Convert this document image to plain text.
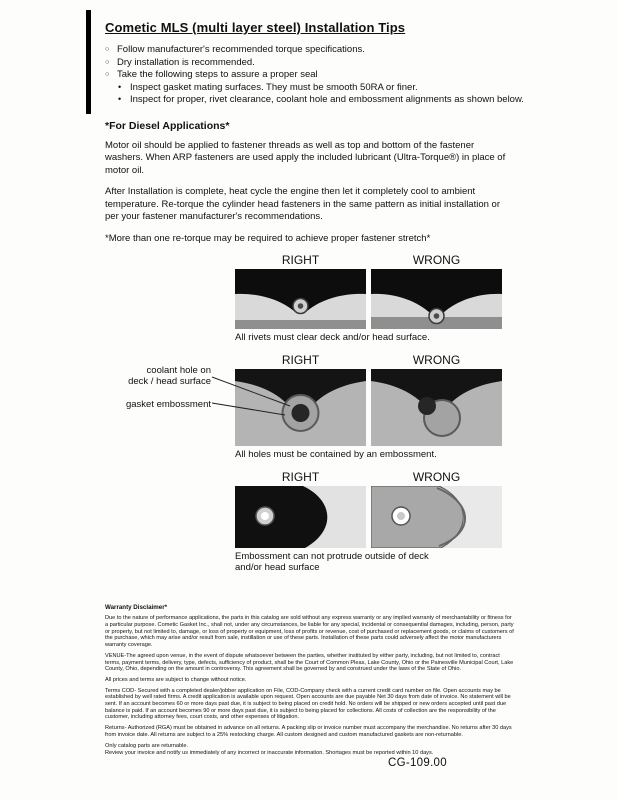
Cometic MLS (multi layer steel) Installation Tips
○
Follow manufacturer's recommended torque specifications.
○
Dry installation is recommended.
○
Take the following steps to assure a proper seal
•
Inspect gasket mating surfaces. They must be smooth 50RA or finer.
•
Inspect for proper, rivet clearance, coolant hole and embossment alignments as shown below.
*For Diesel Applications*

Motor oil should be applied to fastener threads as well as top and bottom of the fastener washers. When ARP fasteners are used apply the included lubricant (Ultra-Torque®) in place of motor oil.

After Installation is complete, heat cycle the engine then let it completely cool to ambient temperature. Re-torque the cylinder head fasteners in the same pattern as initial installation or per your fastener manufacturer's recommendations.

*More than one re-torque may be required to achieve proper fastener stretch*

RIGHT	WRONG
All rivets must clear deck and/or head surface.
coolant hole on
deck / head surface
gasket embossment
RIGHT	WRONG
All holes must be contained by an embossment.
RIGHT	WRONG
Embossment can not protrude outside of deck and/or head surface
Warranty Disclaimer*

Due to the nature of performance applications, the parts in this catalog are sold without any express warranty or any implied warranty of merchantability or fitness for a particular purpose. Cometic Gasket Inc., shall not, under any circumstances, be liable for any special, incidental or consequential damages, including, person, party or property, but not limited to, damage, or loss of property or equipment, loss of profits or revenue, cost of purchased or replacement goods, or claims of customers of the purchase, which may arise and/or result from sale, instillation or use of these parts. Installation of these parts could adversely affect the motor manufacturers warranty coverage.

VENUE-The agreed upon venue, in the event of dispute whatsoever between the parties, whether instituted by either party, including, but not limited to, contract terms, payment terms, delivery, type, defects, sufficiency of product, shall be the Court of Common Pleas, Lake County, Ohio or the Painesville Municipal Court, Lake County, Ohio, depending on the amount in controversy. This agreement shall be governed by and construed under the laws of the State of Ohio.

All prices and terms are subject to change without notice.

Terms COD- Secured with a completed dealer/jobber application on File, COD-Company check with a current credit card number on file. Open accounts may be established by well rated firms. A credit application is available upon request. Open accounts are due payable Net 30 days from date of invoice. No statement will be sent. If an account becomes 60 or more days past due, it is subject to being placed on credit hold. No orders will be shipped or new orders accepted until past due balance is paid. If an account becomes 90 or more days past due, it is subject to being placed for collections. All costs of collection are the responsibility of the customer, including attorney fees, court costs, and other expenses of litigation.

Returns- Authorized (RGA) must be obtained in advance on all returns. A packing slip or invoice number must accompany the merchandise. No returns after 30 days from invoice date. All returns are subject to a 25% restocking charge. All custom designed and custom manufactured gaskets are non-returnable.

Only catalog parts are returnable.

Review your invoice and notify us immediately of any incorrect or inaccurate information. Shortages must be reported within 10 days.

CG-109.00
